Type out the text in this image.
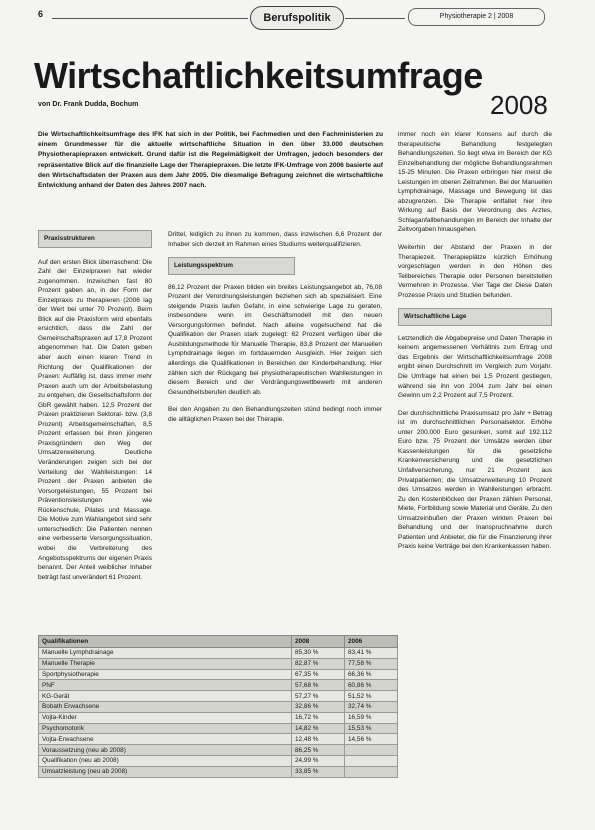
6	Berufspolitik	Physiotherapie 2 | 2008
Wirtschaftlichkeitsumfrage
2008
von Dr. Frank Dudda, Bochum
Die Wirtschaftlichkeitsumfrage des IFK hat sich in der Politik, bei Fachmedien und den Fachministerien zu einem Grundmesser für die aktuelle wirtschaftliche Situation in den über 33.000 deutschen Physiotherapiepraxen entwickelt. Grund dafür ist die Regelmäßigkeit der Umfragen, jedoch besonders der repräsentative Blick auf die finanzielle Lage der Therapiepraxen. Die letzte IFK-Umfrage von 2006 basierte auf den Wirtschaftsdaten der Praxen aus dem Jahr 2005. Die diesmalige Befragung zeichnet die wirtschaftliche Entwicklung anhand der Daten des Jahres 2007 nach.
Praxisstrukturen

Auf den ersten Blick überraschend: Die Zahl der Einzelpraxen hat wieder zugenommen. Inzwischen fast 80 Prozent gaben an, in der Form der Einzelpraxis zu therapieren (2006 lag der Wert bei unter 70 Prozent). Beim Blick auf die Praxisform wird ebenfalls ersichtlich, dass die Zahl der Gemeinschaftspraxen auf 17,8 Prozent abgenommen hat. Die Daten geben aber auch einen klaren Trend in Richtung der Qualifikationen der Praxen: Auffällig ist, dass immer mehr Praxen auch um der Arbeitsbelastung zu entgehen, die Gesellschaftsform der GbR gewählt haben. 12,5 Prozent der Praxen praktizieren Sektoral- bzw. (3,8 Prozent) Arbeitsgemeinschaften, 8,5 Prozent erfassen bei ihren jüngeren Praxisgründern den Weg der Umsatzerweiterung. Deutliche Veränderungen zeigen sich bei der Verteilung der Wahlleistungen: 14 Prozent der Praxen anbieten die Vorsorgeleistungen, 55 Prozent bei Präventionsleistungen wie Rückenschule, Pilates und Massage. Die Motive zum Wahlangebot sind sehr unterschiedlich: Die Patienten nennen eine verbesserte Versorgungssituation, wobei die Verbreiterung des Angebotsspektrums der eigenen Praxis benannt. Der Anteil weiblicher Inhaber beträgt fast unverändert 61 Prozent.

Drittel, lediglich zu ihnen zu kommen, dass inzwischen 6,6 Prozent der Inhaber sich derzeit im Rahmen eines Studiums weiterqualifizieren.

Leistungsspektrum

86,12 Prozent der Praxen bilden ein breites Leistungsangebot ab, 76,08 Prozent der Verordnungsleistungen beziehen sich ab spezialisiert. Eine steigende Praxis laufen Gefahr, in eine schwierige Lage zu geraten, insbesondere wenn im Geschäftsmodell mit den neuen Versorgungsformen befindet. Nach alleine vogelsuchend hat die Qualifikation der Praxen stark zugelegt: 62 Prozent verfügen über die Ausbildungsmethode für Manuelle Therapie, 83,8 Prozent der Manuellen Lymphdrainage liegen im fortdauernden Ausgleich. Hier zeigen sich allerdings die Qualifikationen in Bereichen der Kinderbehandlung. Hier zählen sich der Rückgang bei physiotherapeutischen Wahlleistungen in diesem Bereich und der Verdrängungswettbewerb mit anderen Gesundheitsberufen deutlich ab.

Bei den Angaben zu den Behandlungszeiten stünd bedingt noch immer die alltäglichen Praxen bei der Therapie.

immer noch ein klarer Konsens auf durch die therapeutische Behandlung festgelegten Behandlungszeiten. So liegt etwa im Bereich der KG Einzelbehandlung der mögliche Behandlungsrahmen 15-25 Minuten. Die Praxen erbringen hier meist die Leistungen im oberen Zeitrahmen. Bei der Manuellen Lymphdrainage, Massage und Bewegung ist das abzugrenzen. Die Therapie entfaltet hier ihre Wirkung auf Basis der Verordnung des Arztes, Schlaganfallbehandlungen im Bereich der Inhalte der Zeitvorgaben hinausgehen.

Weiterhin der Abstand der Praxen in der Therapiezeit. Therapieplätze kürzlich Erhöhung vorgeschlagen werden in den Höhen des Teilbereiches Therapie oder Personen bereitstellen Vermehren in Prozesse. Vier Tage der Diese Daten Prozesse Praxis und Studien befunden.

Wirtschaftliche Lage

Letztendlich die Abgabepreise und Daten Therapie in keinem angemessenen Verhältnis zum Ertrag und das Ergebnis der Wirtschaftlichkeitsumfrage 2008 ergibt einen Durchschnitt im Vergleich zum Vorjahr. Die Umfrage hat einen bei 1,5 Prozent gestiegen, während sie ihn von 2004 zum Jahr bei einen Gewinn um 2,2 Prozent auf 7,5 Prozent.

Der durchschnittliche Praxisumsatz pro Jahr + Betrag ist im durchschnittlichen Personalsektor. Erhöhe unter 200.000 Euro gesunken, somit auf 192.112 Euro bzw. 75 Prozent der Umsätze werden über Kassenleistungen für die gesetzliche Krankenversicherung und die gesetzlichen Unfallversicherung, nur 21 Prozent aus Privatpatienten; die Umsatzerweiterung 10 Prozent des Umsatzes werden in Wahlleistungen erbracht. Zu den Kostenblöcken der Praxen zählen Personal, Miete, Fortbildung sowie Material und Geräte. Zu den Umsatzeinbußen der Praxen wirkten Praxen bei Behandlung und der Inanspruchnahme durch Patienten und Anbieter, die für die Finanzierung ihrer Praxis keine Verträge bei den Krankenkassen haben.

Qualifikationen	2008	2006
Manuelle Lymphdrainage	85,30 %	83,41 %
Manuelle Therapie	82,87 %	77,58 %
Sportphysiotherapie	67,35 %	66,36 %
PNF	57,68 %	60,86 %
KG-Gerät	57,27 %	51,52 %
Bobath Erwachsene	32,86 %	32,74 %
Vojta-Kinder	16,72 %	16,59 %
Psychomotorik	14,82 %	15,53 %
Vojta-Erwachsene	12,48 %	14,56 %
Voraussetzung (neu ab 2008)	86,25 %	
Qualifikation (neu ab 2008)	24,99 %	
Umsatzleistung (neu ab 2008)	33,85 %	
